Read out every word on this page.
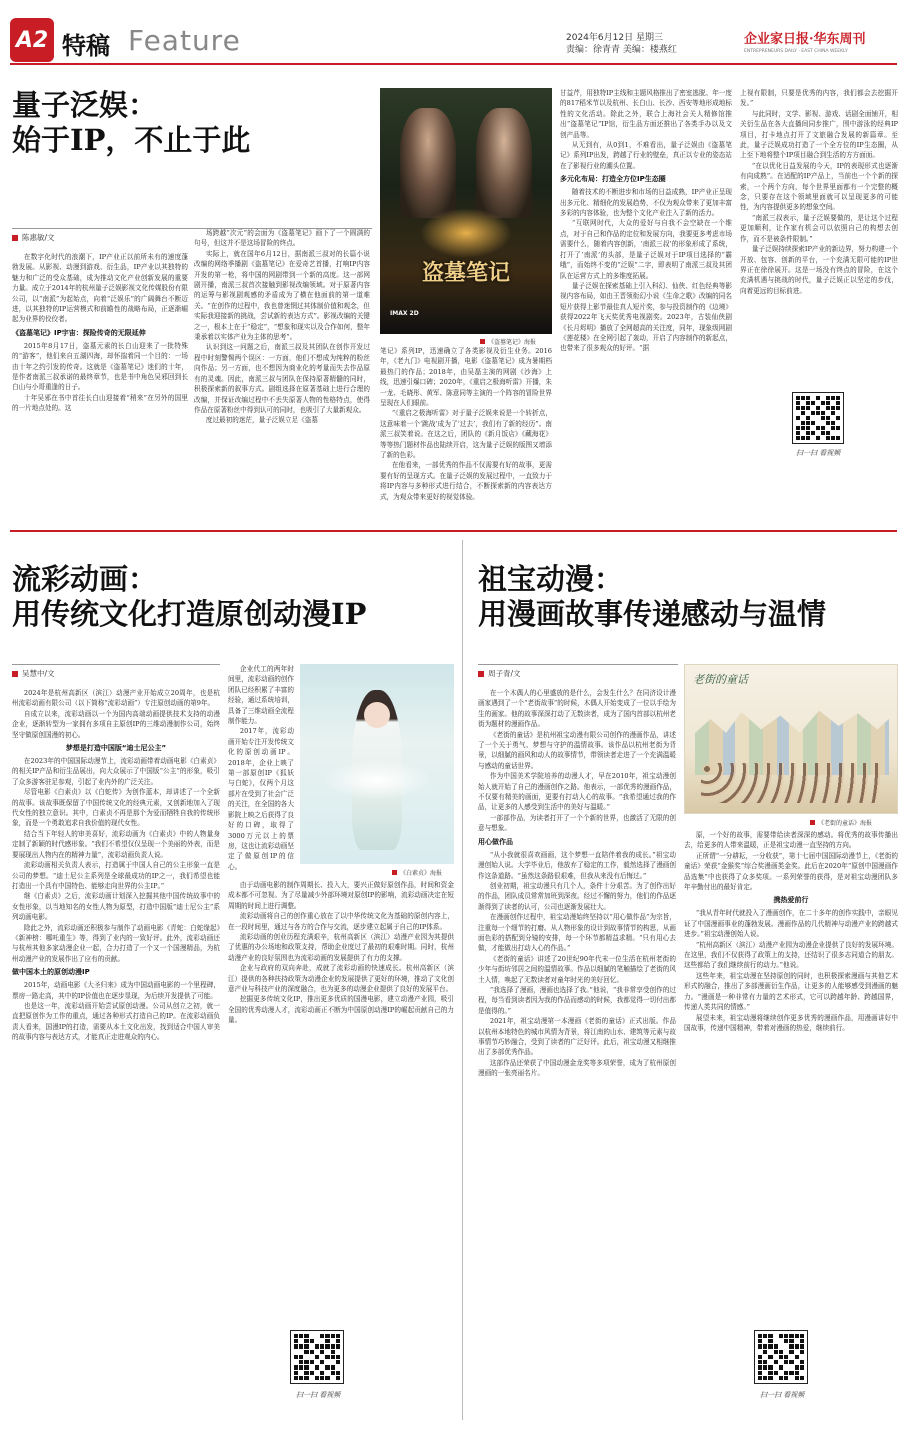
A2 特稿 Feature	2024年6月12日 星期三
责编：徐青青 美编：楼燕红
企业家日报·华东周刊
ENTREPRENEURS DAILY · EAST CHINA WEEKLY
量子泛娱：
始于IP，不止于此
陈惠敏/文

在数字化时代的浪潮下，IP产业正以前所未有的速度蓬勃发展。从影视、动漫到游戏、衍生品，IP产业以其独特的魅力和广泛的受众基础，成为推动文化产业创新发展的重要力量。成立于2014年的杭州量子泛娱影视文化传媒股份有限公司，以“南派”为起始点，向着“泛娱乐”的广阔舞台不断迈进，以其独特的IP运营模式和前瞻性的战略布局，正逐渐崛起为业界的佼佼者。

《盗墓笔记》IP宇宙：探险传奇的无限延伸

2015年8月17日，盗墓元素的长白山迎来了一批特殊的“游客”，他们来自五湖四海，却怀揣着同一个目的：一场由十年之约引发的传奇。这就是《盗墓笔记》迷们的十年，是作者南派三叔承诺的最终章节，也是书中角色吴邪回到长白山与小哥重逢的日子。

十年吴邪在书中首往长白山迎接着“稍来”在另外的国里的一片地点处的。这

场跨越“次元”的会面为《盗墓笔记》画下了一个圆满的句号，但这并不是这场冒险的终点。

实际上，就在国年6月12日，据南派三叔对的长篇小说改编的网络季播剧《盗墓笔记》在爱奇艺首播，打响IP内容开发的第一枪，将中国的网剧带到一个新的高度。这一部网剧开播，南派三叔首次接触到影视改编领域。对于原著内容的运筹与影视剧观感的矛盾成为了横在他面前的第一道难关。“在创作的过程中，我也曾迷惘过其体制价值和观念，但实际我迎接新的挑战，尝试新的表达方式”。影视改编的关键之一，根本上在于“稳定”，“想象和现实以及合作如何，整年秉承着以实体产业为主体的思考”。

认识到这一问题之后，南派三叔及其团队在创作开发过程中时刻警惕两个误区：一方面，他们不想成为纯粹的粉丝向作品；另一方面，也不想因为商业化的考量而失去作品原有的灵魂。因此，南派三叔与团队在保持原著精髓的同时，积极探索新的叙事方式。剧组选择在原著基础上进行合理的改编，并保证改编过程中不丢失原著人物的性格特点，使得作品在原著粉丝中得到认可的同时，也吸引了大量新观众。

度过最初的迷茫，量子泛娱立足《盗墓

盗墓笔记
IMAX 2D
《盗墓笔记》海报

笔记》系列IP，迅速确立了各类影视及衍生业务。2016年，《老九门》电视剧开播，电影《盗墓笔记》成为暑期档最热门的作品；2018年，由吴磊主演的网剧《沙海》上线，迅速引爆口碑；2020年，《重启之极海听雷》开播，朱一龙、毛晓彤、黄军、陈意同等主演的一个阵容的冒险世界呈现在人们眼前。

“《重启之极海听雷》对于量子泛娱来说是一个转折点，这意味着一个‘跳战’成为了‘过去’，我们有了新的经历”。南派三叔笑着说。在这之后，团队的《新月饭店》《藏海花》等等热门题材作品也陆续开启，这为量子泛娱的版图又增添了新的色彩。

在他看来，一部优秀的作品不仅需要有好的故事，更需要有好的呈现方式。在量子泛娱的发展过程中，一直致力于将IP内容与多种形式进行结合，不断探索新的内容表达方式，为观众带来更好的视觉体验。

甘益芹，用独特IP主线和主题风格推出了密室逃脱、年一度的817稻米节以及杭州、长白山、长沙、西安等地形成地标性的文化活动。除此之外，联合上海社会关人精修馆推出“盗墓笔记”IP馆，衍生品方面还推出了各类手办以及文创产品等。

从无到有，从0到1，不难看出，量子泛娱由《盗墓笔记》系列IP出发，跨越了行业的壁垒，真正以专业的姿态站在了影视行业的潮头位置。

多元化布局：打造全方位IP生态圈

随着技术的不断进步和市场的日益成熟，IP产业正呈现出多元化、精细化的发展趋势，不仅为观众带来了更加丰富多彩的内容体验，也为整个文化产业注入了新的活力。

“互联网时代，大众的爱好与自我不会空缺在一个维点，对于自己和作品的定位和发展方向，我要更多考虑市场需要什么，随着内容创新，‘南派三叔’的形象形成了系统，打开了‘南派’的头部，是量子泛娱对于IP项目选择的“霸哦”，而始终不变的“泛娱”二字，即表明了南派三叔及其团队在运营方式上的多维度拓展。

量子泛娱在探索基础上引入科幻、仙侠、红色经典等影视内容布局，如由王晋领衔幻小说《生命之歌》改编的同名短片获得上影节最佳真人短片奖，参与投资制作的《边境》获得2022年飞天奖优秀电视剧奖。2023年，古装仙侠剧《长月烬明》播放了全网超高的关注度，同年，现象级网剧《莲花楼》在全网引起了轰动，开启了内容制作的新起点，也带来了很多观众的好评。“据

上视有限制，只要是优秀的内容，我们都会去挖掘开发。”

与此同时，文学、影视、游戏、话剧全面铺开，相关衍生品在各大直播间同步推广，围中游泳的经典IP项目，打卡地点打开了文旅融合发展的新篇章。至此，量子泛娱成功打造了一个全方位的IP生态圈，从上至下地将整个IP项目融合到生活的方方面面。

“在以优化日益发展的今天，IP的表现形式也逐渐有向成熟”。在适配的IP产品上，当前也一个个新的探索，一个两个方向，每个世界里面都有一个完整的概念，只要存在这个领域里面就可以呈现更多的可能性，为内容提供更多的想象空间。

“南派三叔表示，量子泛娱要做的，是让这个过程更加顺利，让作家有机会可以依照自己的构想去创作，而不是被条件限制。”

量子泛娱持续探索IP产业的新边界，努力构建一个开放、包容、创新的平台，一个充满无限可能的IP世界正在徐徐展开。这是一场没有终点的冒险，在这个充满机遇与挑战的时代，量子泛娱正以坚定的步伐，向着更远的目标前进。

扫一扫 看视频
流彩动画：
用传统文化打造原创动漫IP
吴慧中/文

2024年是杭州高新区（滨江）动漫产业开始成立20周年，也是杭州流彩动画有限公司（以下简称“流彩动画”）专注原创动画的第9年。

自成立以来，流彩动画以一个为国内高端动画提供技术支持的动漫企业，逐渐转型为一家拥有多项自主原创IP的三维动漫制作公司，始终坚守做原创国漫的初心。

梦想是打造中国版“迪士尼公主”

在2023年的中国国际动漫节上，流彩动画带着动画电影《白素贞》的相关IP产品和衍生品展出，向大众展示了中国版“公主”的形象，吸引了众多游客驻足参观，引起了业内外的广泛关注。

尽管电影《白素贞》以《白蛇传》为创作蓝本，却讲述了一个全新的故事。该故事既保留了中国传统文化的经典元素，又创新地加入了现代女性的独立意识。其中，白素贞不再是那个为爱而牺牲自我的传统形象，而是一个勇敢追求自我价值的现代女性。

结合当下年轻人的审美喜好，流彩动画为《白素贞》中的人物量身定制了新颖的时代感形象。“我们不希望仅仅呈现一个美丽的外表，而是要展现出人物内在的精神力量”，流彩动画负责人说。

流彩动画相关负责人表示，打造属于中国人自己的公主形象一直是公司的梦想。“迪士尼公主系列是全球最成功的IP之一，我们希望也能打造出一个具有中国特色、能够走向世界的公主IP。”

继《白素贞》之后，流彩动画计划深入挖掘其他中国传统故事中的女性形象，以当地知名的女性人物为原型，打造中国版“迪士尼公主”系列动画电影。

除此之外，流彩动画还积极参与制作了动画电影《青蛇：白蛇缘起》《新神榜：哪吒重生》等，得到了业内的一致好评。此外，流彩动画还与杭州其他多家动漫企业一起，合力打造了一个又一个国漫精品，为杭州动漫产业的发展作出了应有的贡献。

做中国本土的原创动漫IP

2015年，动画电影《大圣归来》成为中国动画电影的一个里程碑，票房一路走高，其中的IP价值也在逐步显现，为后续开发提供了可能。

也是这一年，流彩动画开始尝试原创动漫。公司从创立之初，就一直把原创作为工作的重点，通过各种形式打造自己的IP。在流彩动画负责人看来，国漫IP的打造，需要从本土文化出发，找到适合中国人审美的故事内容与表达方式，才能真正走进观众的内心。

企业代工的两年时间里，流彩动画的创作团队已经积累了丰富的经验，通过系统培训，具备了三维动画全流程制作能力。

2017年，流彩动画开始专注开发传统文化的原创动画IP。2018年，企业上映了第一部原创IP《狐妖与白蛇》，仅两个月这部片在受到了社会广泛的关注，在全国的各大影院上映之后获得了良好的口碑，取得了3000万元以上的票房，这也让流彩动画坚定了做原创IP的信心。

《白素贞》海报

由于动画电影的制作周期长、投入大，要兴正做好原创作品，时间和资金成本都不可忽视。为了尽量减少外部环境对原创IP的影响，流彩动画决定在短周期的时间上进行调整。

流彩动画将自己的创作重心放在了以中华传统文化为基础的原创内容上，在一段时间里，通过与各方的合作与交流，逐步建立起属于自己的IP体系。

流彩动画的创业历程充满艰辛，杭州高新区（滨江）动漫产业园为其提供了优惠的办公场地和政策支持，帮助企业度过了最初的艰难时期。同时，杭州动漫产业的良好氛围也为流彩动画的发展提供了有力的支撑。

企业与政府的双向奔赴，成就了流彩动画的快速成长。杭州高新区（滨江）提供的各种扶持政策为动漫企业的发展提供了更好的环境，推动了文化创意产业与科技产业的深度融合，也为更多的动漫企业提供了良好的发展平台。

挖掘更多传统文化IP，推出更多优质的国漫电影，建立动漫产业园，吸引全国的优秀动漫人才，流彩动画正不断为中国原创动漫IP的崛起贡献自己的力量。

扫一扫 看视频
祖宝动漫：
用漫画故事传递感动与温情
周子青/文

在一个木偶人的心里盛放的是什么，会发生什么？在同济设计漫画家遇到了一个“老街故事”的时候，木偶人开始变成了一位以手绘为生的画家。他的故事深深打动了无数读者，成为了国内首部以杭州老街为题材的漫画作品。

《老街的童话》是杭州祖宝动漫有限公司创作的漫画作品，讲述了一个关于勇气、梦想与守护的温情故事。该作品以杭州老街为背景，以细腻的画风和动人的故事情节，带领读者走进了一个充满温暖与感动的童话世界。

作为中国美术学院培养的动漫人才，早在2010年，祖宝动漫创始人就开始了自己的漫画创作之路。他表示，一部优秀的漫画作品，不仅要有精美的画面，更要有打动人心的故事。“我希望通过我的作品，让更多的人感受到生活中的美好与温暖。”

一部部作品，为读者打开了一个个新的世界，也激活了无限的创意与想象。

用心做作品

“从小我就很喜欢画画，这个梦想一直陪伴着我的成长。”祖宝动漫创始人说。大学毕业后，他放弃了稳定的工作，毅然选择了漫画创作这条道路。“虽然这条路很艰难，但我从来没有后悔过。”

创业初期，祖宝动漫只有几个人，条件十分艰苦。为了创作出好的作品，团队成员常常加班到深夜。经过不懈的努力，他们的作品逐渐得到了读者的认可，公司也逐渐发展壮大。

在漫画创作过程中，祖宝动漫始终坚持以“用心做作品”为宗旨，注重每一个细节的打磨。从人物形象的设计到故事情节的构思，从画面色彩的搭配到分镜的安排，每一个环节都精益求精。“只有用心去做，才能做出打动人心的作品。”

《老街的童话》讲述了20世纪90年代末一位生活在杭州老街的少年与街坊邻居之间的温情故事。作品以细腻的笔触描绘了老街的风土人情，唤起了无数读者对童年时光的美好回忆。

“我选择了漫画，漫画也选择了我。”他说，“我非常享受创作的过程，每当看到读者因为我的作品而感动的时候，我都觉得一切付出都是值得的。”

2021年，祖宝动漫第一本漫画《老街的童话》正式出版。作品以杭州本地特色的城市风情为背景，将江南的山水、建筑等元素与故事情节巧妙融合，受到了读者的广泛好评。此后，祖宝动漫又相继推出了多部优秀作品。

这部作品还荣获了中国动漫金龙奖等多项荣誉，成为了杭州原创漫画的一张亮丽名片。

老街的童话
《老街的童话》海报

原，一个好的故事，需要带给读者深深的感动。将优秀的故事传播出去，给更多的人带来温暖，正是祖宝动漫一直坚持的方向。

正所谓“一分耕耘，一分收获”，第十七届中国国际动漫节上，《老街的童话》荣获“金猴奖”综合奖漫画类金奖。此后在2020年“原创中国漫画作品选集”中也获得了众多奖项。一系列荣誉的获得，是对祖宝动漫团队多年辛勤付出的最好肯定。

携热爱前行

“我从青年时代就投入了漫画创作，在二十多年的创作实践中，亲眼见证了中国漫画事业的蓬勃发展。漫画作品的几代精神与动漫产业的跨越式进步。”祖宝动漫创始人说。

“杭州高新区（滨江）动漫产业园为动漫企业提供了良好的发展环境。在这里，我们不仅获得了政策上的支持，还结识了很多志同道合的朋友。这些都给了我们继续前行的动力。”他说。

这些年来，祖宝动漫在坚持原创的同时，也积极探索漫画与其他艺术形式的融合，推出了多部漫画衍生作品，让更多的人能够感受到漫画的魅力。“漫画是一种非常有力量的艺术形式，它可以跨越年龄、跨越国界，传递人类共同的情感。”

展望未来，祖宝动漫将继续创作更多优秀的漫画作品，用漫画讲好中国故事，传递中国精神，带着对漫画的热爱，继续前行。

扫一扫 看视频
